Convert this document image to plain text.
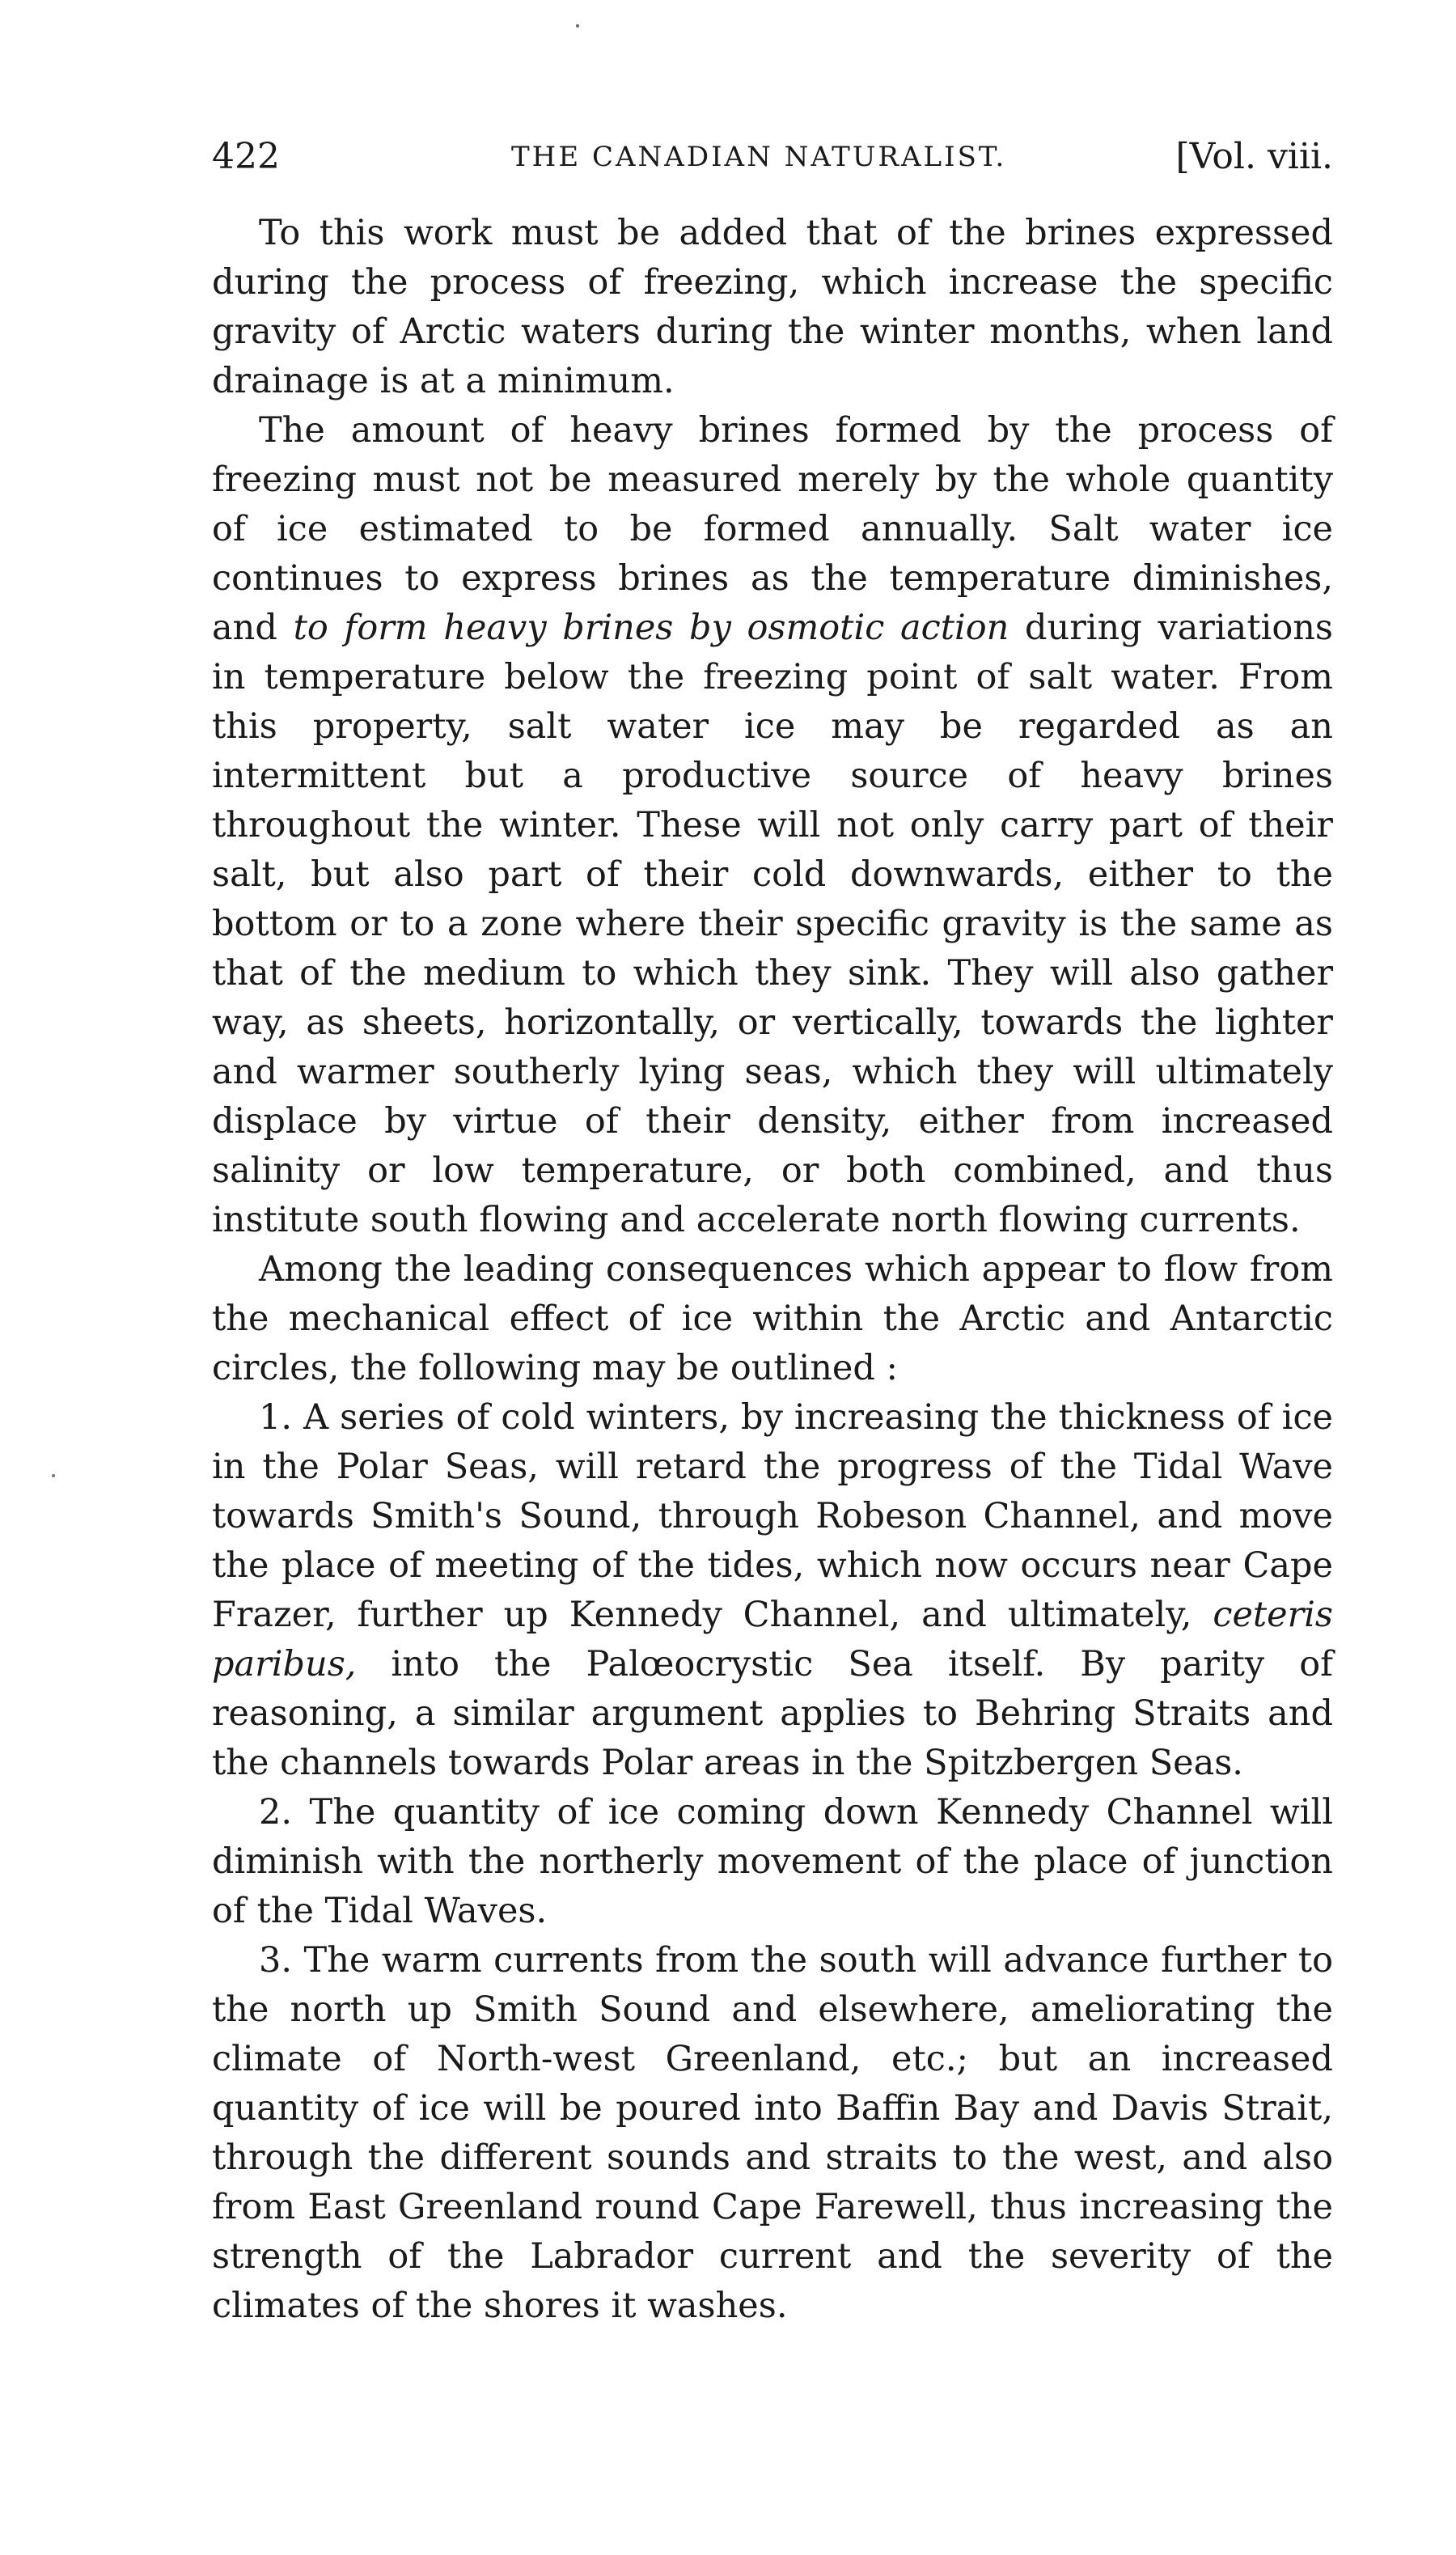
422	THE CANADIAN NATURALIST.	[Vol. viii.

To this work must be added that of the brines expressed during the process of freezing, which increase the specific gravity of Arctic waters during the winter months, when land drainage is at a minimum.

The amount of heavy brines formed by the process of freezing must not be measured merely by the whole quantity of ice estimated to be formed annually. Salt water ice continues to express brines as the temperature diminishes, and to form heavy brines by osmotic action during variations in temperature below the freezing point of salt water. From this property, salt water ice may be regarded as an intermittent but a productive source of heavy brines throughout the winter. These will not only carry part of their salt, but also part of their cold downwards, either to the bottom or to a zone where their specific gravity is the same as that of the medium to which they sink. They will also gather way, as sheets, horizontally, or vertically, towards the lighter and warmer southerly lying seas, which they will ultimately displace by virtue of their density, either from increased salinity or low temperature, or both combined, and thus institute south flowing and accelerate north flowing currents.

Among the leading consequences which appear to flow from the mechanical effect of ice within the Arctic and Antarctic circles, the following may be outlined :

1. A series of cold winters, by increasing the thickness of ice in the Polar Seas, will retard the progress of the Tidal Wave towards Smith's Sound, through Robeson Channel, and move the place of meeting of the tides, which now occurs near Cape Frazer, further up Kennedy Channel, and ultimately, ceteris paribus, into the Palœocrystic Sea itself. By parity of reasoning, a similar argument applies to Behring Straits and the channels towards Polar areas in the Spitzbergen Seas.

2. The quantity of ice coming down Kennedy Channel will diminish with the northerly movement of the place of junction of the Tidal Waves.

3. The warm currents from the south will advance further to the north up Smith Sound and elsewhere, ameliorating the climate of North-west Greenland, etc.; but an increased quantity of ice will be poured into Baffin Bay and Davis Strait, through the different sounds and straits to the west, and also from East Greenland round Cape Farewell, thus increasing the strength of the Labrador current and the severity of the climates of the shores it washes.
